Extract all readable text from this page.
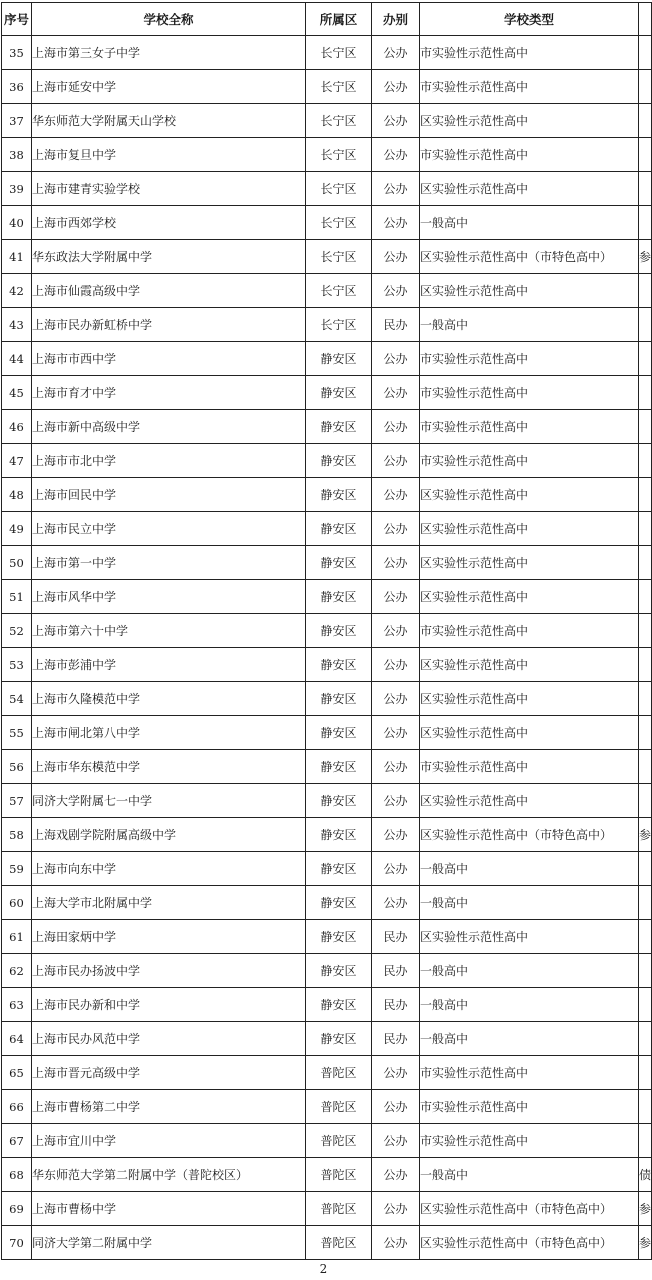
序号	学校全称	所属区	办别	学校类型	
35	上海市第三女子中学	长宁区	公办	市实验性示范性高中	
36	上海市延安中学	长宁区	公办	市实验性示范性高中	
37	华东师范大学附属天山学校	长宁区	公办	区实验性示范性高中	
38	上海市复旦中学	长宁区	公办	市实验性示范性高中	
39	上海市建青实验学校	长宁区	公办	区实验性示范性高中	
40	上海市西郊学校	长宁区	公办	一般高中	
41	华东政法大学附属中学	长宁区	公办	区实验性示范性高中（市特色高中）	参
42	上海市仙霞高级中学	长宁区	公办	区实验性示范性高中	
43	上海市民办新虹桥中学	长宁区	民办	一般高中	
44	上海市市西中学	静安区	公办	市实验性示范性高中	
45	上海市育才中学	静安区	公办	市实验性示范性高中	
46	上海市新中高级中学	静安区	公办	市实验性示范性高中	
47	上海市市北中学	静安区	公办	市实验性示范性高中	
48	上海市回民中学	静安区	公办	区实验性示范性高中	
49	上海市民立中学	静安区	公办	区实验性示范性高中	
50	上海市第一中学	静安区	公办	区实验性示范性高中	
51	上海市风华中学	静安区	公办	区实验性示范性高中	
52	上海市第六十中学	静安区	公办	市实验性示范性高中	
53	上海市彭浦中学	静安区	公办	区实验性示范性高中	
54	上海市久隆模范中学	静安区	公办	区实验性示范性高中	
55	上海市闸北第八中学	静安区	公办	区实验性示范性高中	
56	上海市华东模范中学	静安区	公办	市实验性示范性高中	
57	同济大学附属七一中学	静安区	公办	区实验性示范性高中	
58	上海戏剧学院附属高级中学	静安区	公办	区实验性示范性高中（市特色高中）	参
59	上海市向东中学	静安区	公办	一般高中	
60	上海大学市北附属中学	静安区	公办	一般高中	
61	上海田家炳中学	静安区	民办	区实验性示范性高中	
62	上海市民办扬波中学	静安区	民办	一般高中	
63	上海市民办新和中学	静安区	民办	一般高中	
64	上海市民办风范中学	静安区	民办	一般高中	
65	上海市晋元高级中学	普陀区	公办	市实验性示范性高中	
66	上海市曹杨第二中学	普陀区	公办	市实验性示范性高中	
67	上海市宜川中学	普陀区	公办	市实验性示范性高中	
68	华东师范大学第二附属中学（普陀校区）	普陀区	公办	一般高中	债
69	上海市曹杨中学	普陀区	公办	区实验性示范性高中（市特色高中）	参
70	同济大学第二附属中学	普陀区	公办	区实验性示范性高中（市特色高中）	参
2
